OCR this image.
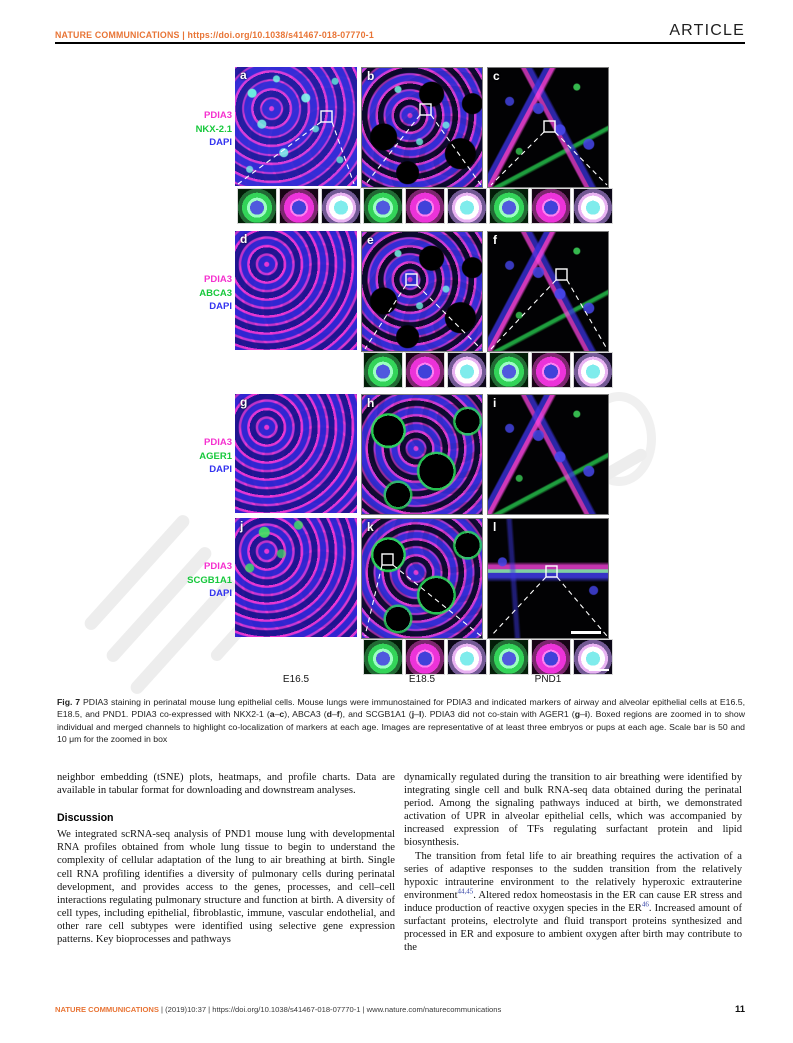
NATURE COMMUNICATIONS | https://doi.org/10.1038/s41467-018-07770-1	ARTICLE
PDIA3
NKX-2.1
DAPI
a	b	c
PDIA3
ABCA3
DAPI
d	e	f
PDIA3
AGER1
DAPI
g	h	i
PDIA3
SCGB1A1
DAPI
j	k	l
E16.5	E18.5	PND1
Fig. 7 PDIA3 staining in perinatal mouse lung epithelial cells. Mouse lungs were immunostained for PDIA3 and indicated markers of airway and alveolar epithelial cells at E16.5, E18.5, and PND1. PDIA3 co-expressed with NKX2-1 (a–c), ABCA3 (d–f), and SCGB1A1 (j–l). PDIA3 did not co-stain with AGER1 (g–i). Boxed regions are zoomed in to show individual and merged channels to highlight co-localization of markers at each age. Images are representative of at least three embryos or pups at each age. Scale bar is 50 and 10 μm for the zoomed in box

neighbor embedding (tSNE) plots, heatmaps, and profile charts. Data are available in tabular format for downloading and downstream analyses.

Discussion

We integrated scRNA-seq analysis of PND1 mouse lung with developmental RNA profiles obtained from whole lung tissue to begin to understand the complexity of cellular adaptation of the lung to air breathing at birth. Single cell RNA profiling identifies a diversity of pulmonary cells during perinatal development, and provides access to the genes, processes, and cell–cell interactions regulating pulmonary structure and function at birth. A diversity of cell types, including epithelial, fibroblastic, immune, vascular endothelial, and other rare cell subtypes were identified using selective gene expression patterns. Key bioprocesses and pathways

dynamically regulated during the transition to air breathing were identified by integrating single cell and bulk RNA-seq data obtained during the perinatal period. Among the signaling pathways induced at birth, we demonstrated activation of UPR in alveolar epithelial cells, which was accompanied by increased expression of TFs regulating surfactant protein and lipid biosynthesis.

The transition from fetal life to air breathing requires the activation of a series of adaptive responses to the sudden transition from the relatively hypoxic intrauterine environment to the relatively hyperoxic extrauterine environment$^{44,45}$. Altered redox homeostasis in the ER can cause ER stress and induce production of reactive oxygen species in the ER$^{46}$. Increased amount of surfactant proteins, electrolyte and fluid transport proteins synthesized and processed in ER and exposure to ambient oxygen after birth may contribute to the

NATURE COMMUNICATIONS | (2019)10:37 | https://doi.org/10.1038/s41467-018-07770-1 | www.nature.com/naturecommunications	11
